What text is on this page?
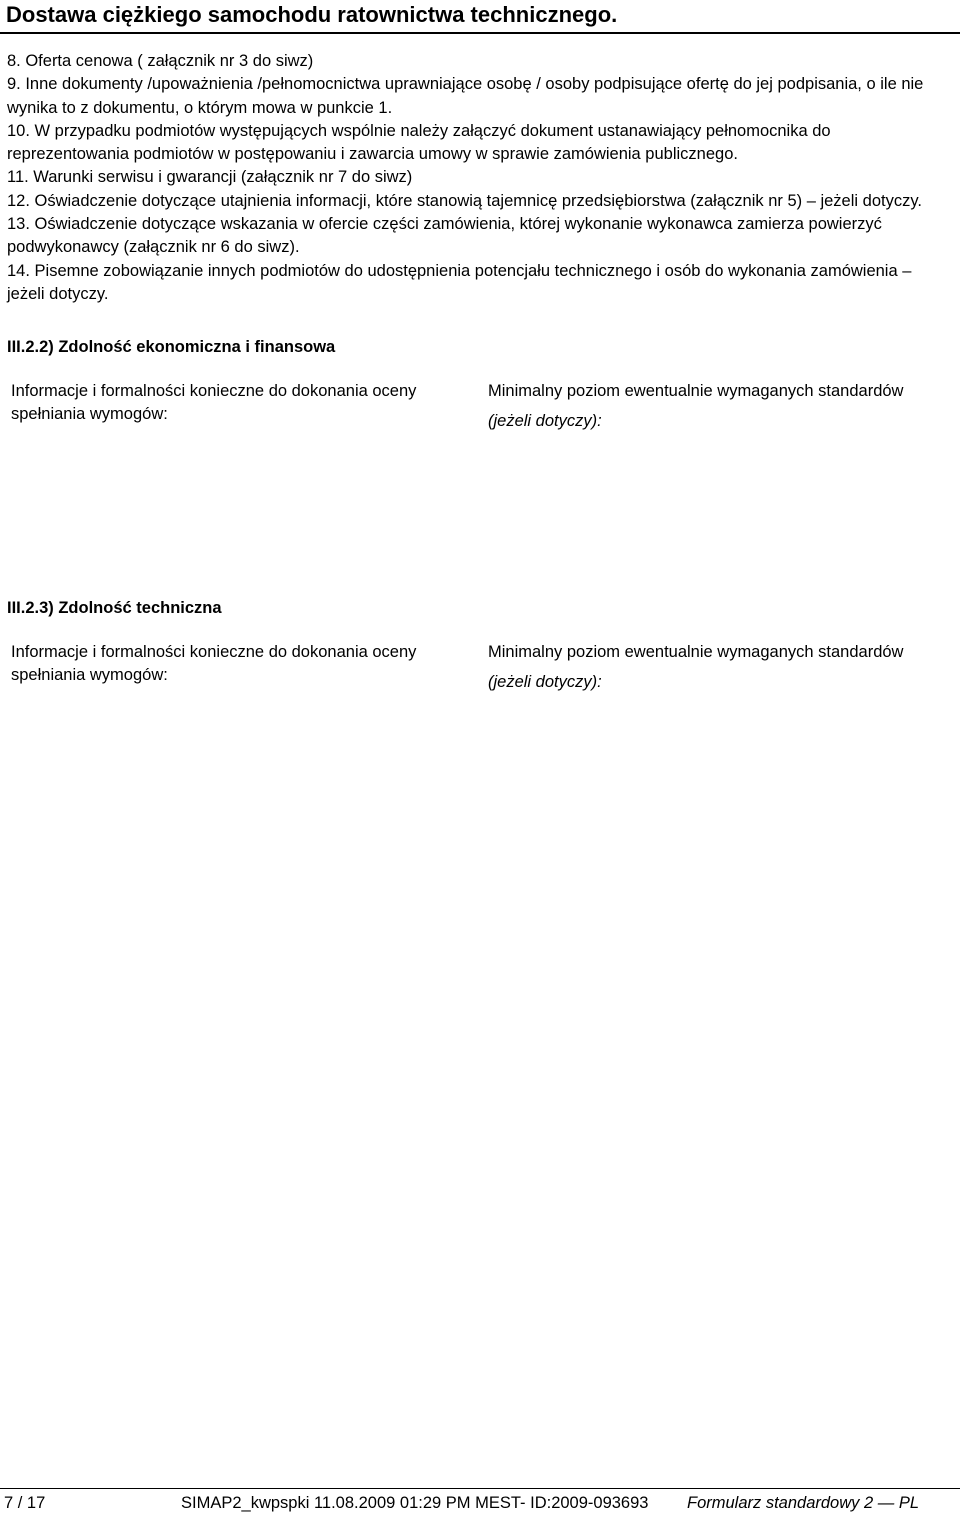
Dostawa ciężkiego samochodu ratownictwa technicznego.

8. Oferta cenowa ( załącznik nr 3 do siwz)

9. Inne dokumenty /upoważnienia /pełnomocnictwa uprawniające osobę / osoby podpisujące ofertę do jej podpisania, o ile nie wynika to z dokumentu, o którym mowa w punkcie 1.

10. W przypadku podmiotów występujących wspólnie należy załączyć dokument ustanawiający pełnomocnika do reprezentowania podmiotów w postępowaniu i zawarcia umowy w sprawie zamówienia publicznego.

11. Warunki serwisu i gwarancji (załącznik nr 7 do siwz)

12. Oświadczenie dotyczące utajnienia informacji, które stanowią tajemnicę przedsiębiorstwa (załącznik nr 5) – jeżeli dotyczy.

13. Oświadczenie dotyczące wskazania w ofercie części zamówienia, której wykonanie wykonawca zamierza powierzyć podwykonawcy (załącznik nr 6 do siwz).

14. Pisemne zobowiązanie innych podmiotów do udostępnienia potencjału technicznego i osób do wykonania zamówienia – jeżeli dotyczy.

III.2.2) Zdolność ekonomiczna i finansowa
Informacje i formalności konieczne do dokonania oceny spełniania wymogów:
Minimalny poziom ewentualnie wymaganych standardów
(jeżeli dotyczy):
III.2.3) Zdolność techniczna
Informacje i formalności konieczne do dokonania oceny spełniania wymogów:
Minimalny poziom ewentualnie wymaganych standardów
(jeżeli dotyczy):
7 / 17	SIMAP2_kwpspki 11.08.2009 01:29 PM MEST- ID:2009-093693 Formularz standardowy 2 — PL
